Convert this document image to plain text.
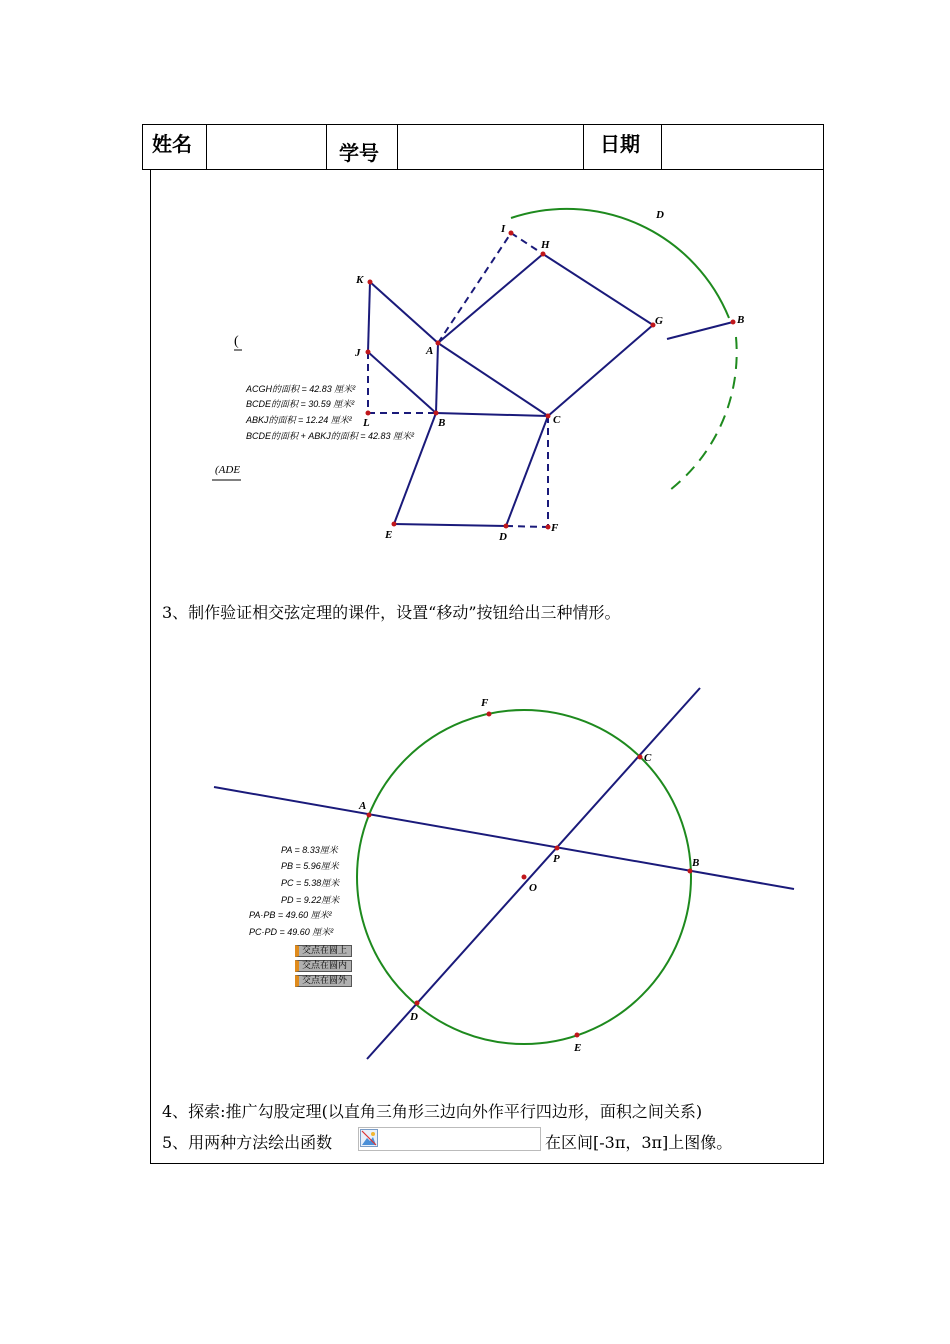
姓名	学号	日期
I
H
D
K
G	B
A
J
L	B	C
E	D
F
ACGH的面积 = 42.83 厘米²
BCDE的面积 = 30.59 厘米²
ABKJ的面积 = 12.24 厘米²
BCDE的面积 + ABKJ的面积 = 42.83 厘米²
(
(ADE
3、制作验证相交弦定理的课件，设置“移动”按钮给出三种情形。
F
C
A
P	B
O
D
E
PA = 8.33厘米
PB = 5.96厘米
PC = 5.38厘米
PD = 9.22厘米
PA·PB = 49.60 厘米²
PC·PD = 49.60 厘米²
交点在圆上
交点在圆内
交点在圆外
4、探索:推广勾股定理(以直角三角形三边向外作平行四边形，面积之间关系)
5、用两种方法绘出函数	在区间[-3π，3π]上图像。
